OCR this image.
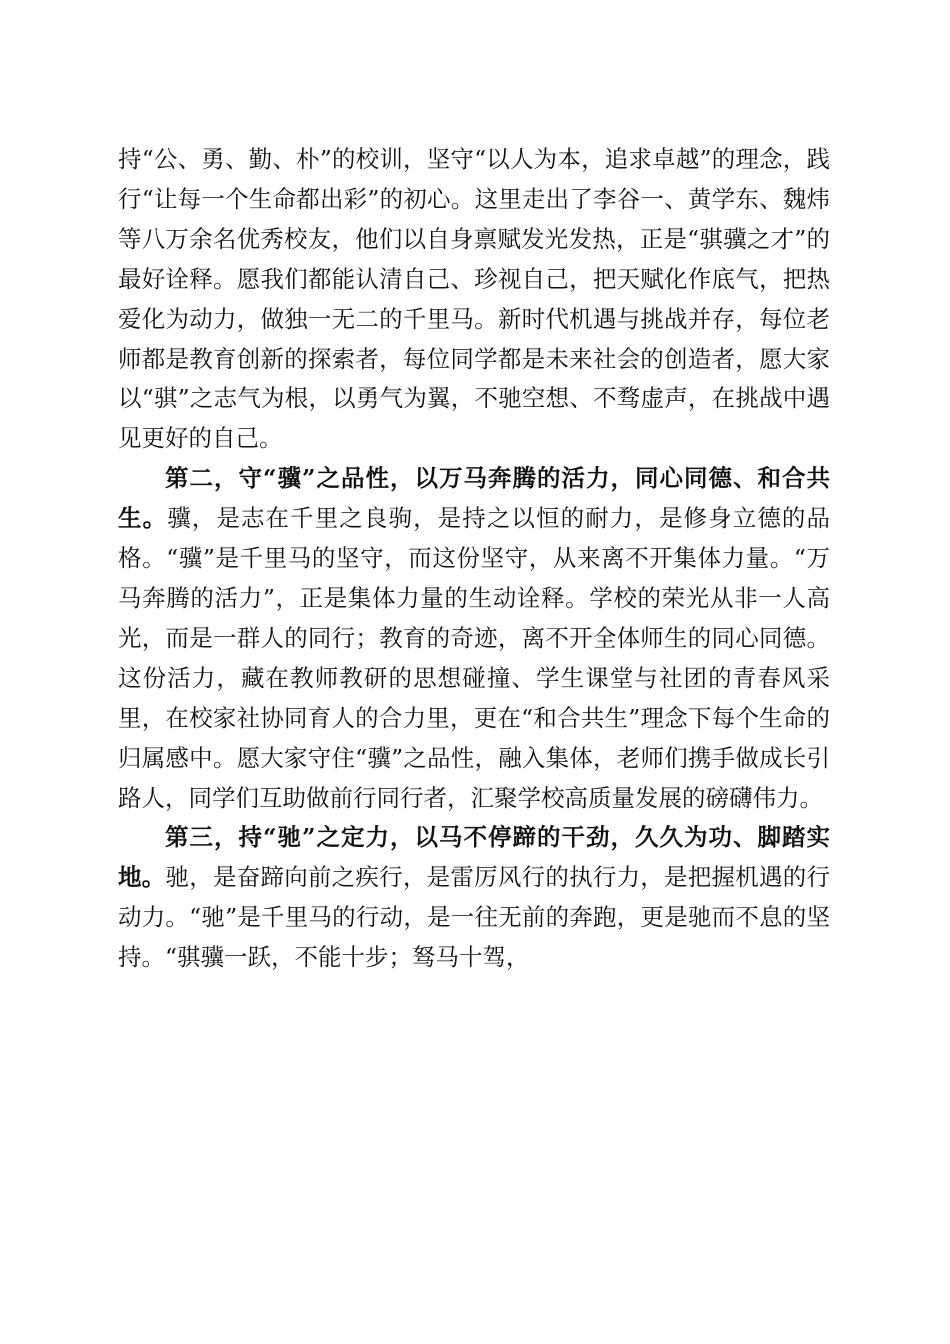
持“公、勇、勤、朴”的校训，坚守“以人为本，追求卓越”的理念，践行“让每一个生命都出彩”的初心。这里走出了李谷一、黄学东、魏炜等八万余名优秀校友，他们以自身禀赋发光发热，正是“骐骥之才”的最好诠释。愿我们都能认清自己、珍视自己，把天赋化作底气，把热爱化为动力，做独一无二的千里马。新时代机遇与挑战并存，每位老师都是教育创新的探索者，每位同学都是未来社会的创造者，愿大家以“骐”之志气为根，以勇气为翼，不驰空想、不骛虚声，在挑战中遇见更好的自己。

第二，守“骥”之品性，以万马奔腾的活力，同心同德、和合共生。骥，是志在千里之良驹，是持之以恒的耐力，是修身立德的品格。“骥”是千里马的坚守，而这份坚守，从来离不开集体力量。“万马奔腾的活力”，正是集体力量的生动诠释。学校的荣光从非一人高光，而是一群人的同行；教育的奇迹，离不开全体师生的同心同德。这份活力，藏在教师教研的思想碰撞、学生课堂与社团的青春风采里，在校家社协同育人的合力里，更在“和合共生”理念下每个生命的归属感中。愿大家守住“骥”之品性，融入集体，老师们携手做成长引路人，同学们互助做前行同行者，汇聚学校高质量发展的磅礴伟力。

第三，持“驰”之定力，以马不停蹄的干劲，久久为功、脚踏实地。驰，是奋蹄向前之疾行，是雷厉风行的执行力，是把握机遇的行动力。“驰”是千里马的行动，是一往无前的奔跑，更是驰而不息的坚持。“骐骥一跃，不能十步；驽马十驾，
